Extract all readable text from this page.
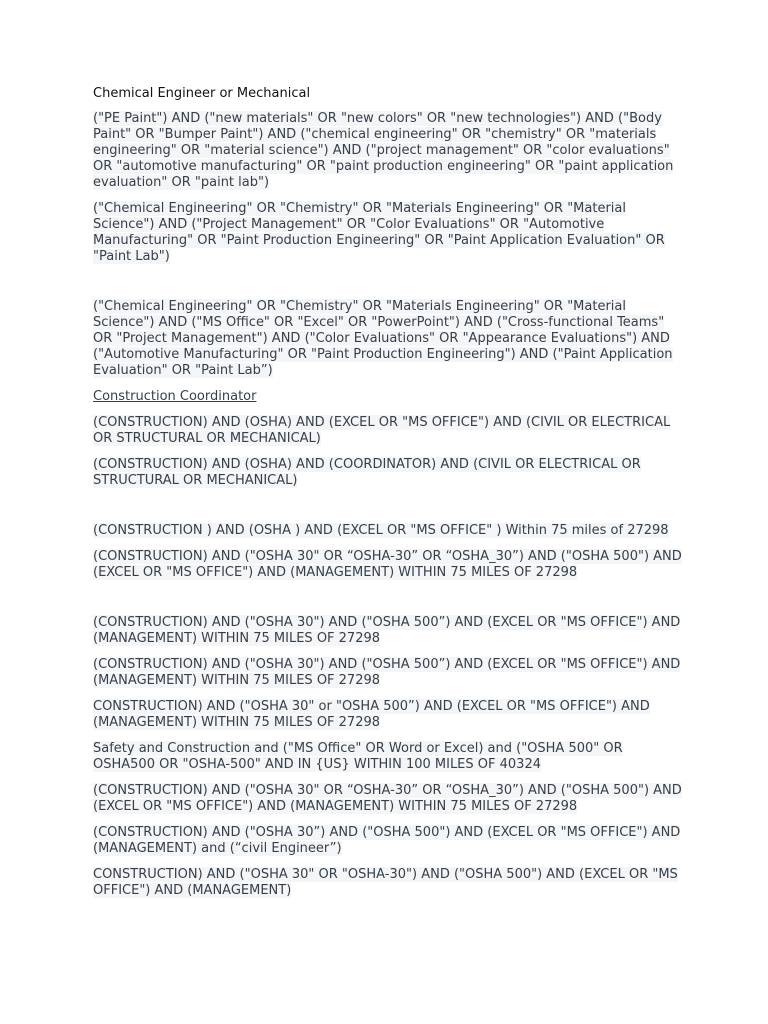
Chemical Engineer or Mechanical
("PE Paint") AND ("new materials" OR "new colors" OR "new technologies") AND ("Body Paint" OR "Bumper Paint") AND ("chemical engineering" OR "chemistry" OR "materials engineering" OR "material science") AND ("project management" OR "color evaluations" OR "automotive manufacturing" OR "paint production engineering" OR "paint application evaluation" OR "paint lab")
("Chemical Engineering" OR "Chemistry" OR "Materials Engineering" OR "Material Science") AND ("Project Management" OR "Color Evaluations" OR "Automotive Manufacturing" OR "Paint Production Engineering" OR "Paint Application Evaluation" OR "Paint Lab")
("Chemical Engineering" OR "Chemistry" OR "Materials Engineering" OR "Material Science") AND ("MS Office" OR "Excel" OR "PowerPoint") AND ("Cross-functional Teams" OR "Project Management") AND ("Color Evaluations" OR "Appearance Evaluations") AND ("Automotive Manufacturing" OR "Paint Production Engineering") AND ("Paint Application Evaluation" OR "Paint Lab”)
Construction Coordinator
(CONSTRUCTION) AND (OSHA) AND (EXCEL OR "MS OFFICE") AND (CIVIL OR ELECTRICAL OR STRUCTURAL OR MECHANICAL)
(CONSTRUCTION) AND (OSHA) AND (COORDINATOR) AND (CIVIL OR ELECTRICAL OR STRUCTURAL OR MECHANICAL)
(CONSTRUCTION ) AND (OSHA ) AND (EXCEL OR "MS OFFICE" ) Within 75 miles of 27298
(CONSTRUCTION) AND ("OSHA 30" OR “OSHA-30” OR “OSHA_30”) AND ("OSHA 500") AND (EXCEL OR "MS OFFICE") AND (MANAGEMENT) WITHIN 75 MILES OF 27298
(CONSTRUCTION) AND ("OSHA 30") AND ("OSHA 500”) AND (EXCEL OR "MS OFFICE") AND (MANAGEMENT) WITHIN 75 MILES OF 27298
(CONSTRUCTION) AND ("OSHA 30") AND ("OSHA 500”) AND (EXCEL OR "MS OFFICE") AND (MANAGEMENT) WITHIN 75 MILES OF 27298
CONSTRUCTION) AND ("OSHA 30" or "OSHA 500”) AND (EXCEL OR "MS OFFICE") AND (MANAGEMENT) WITHIN 75 MILES OF 27298
Safety and Construction and ("MS Office" OR Word or Excel) and ("OSHA 500" OR OSHA500 OR "OSHA-500" AND IN {US} WITHIN 100 MILES OF 40324
(CONSTRUCTION) AND ("OSHA 30" OR “OSHA-30” OR “OSHA_30”) AND ("OSHA 500") AND (EXCEL OR "MS OFFICE") AND (MANAGEMENT) WITHIN 75 MILES OF 27298
(CONSTRUCTION) AND ("OSHA 30”) AND ("OSHA 500") AND (EXCEL OR "MS OFFICE") AND (MANAGEMENT) and (“civil Engineer”)
CONSTRUCTION) AND ("OSHA 30" OR "OSHA-30") AND ("OSHA 500") AND (EXCEL OR "MS OFFICE") AND (MANAGEMENT)
